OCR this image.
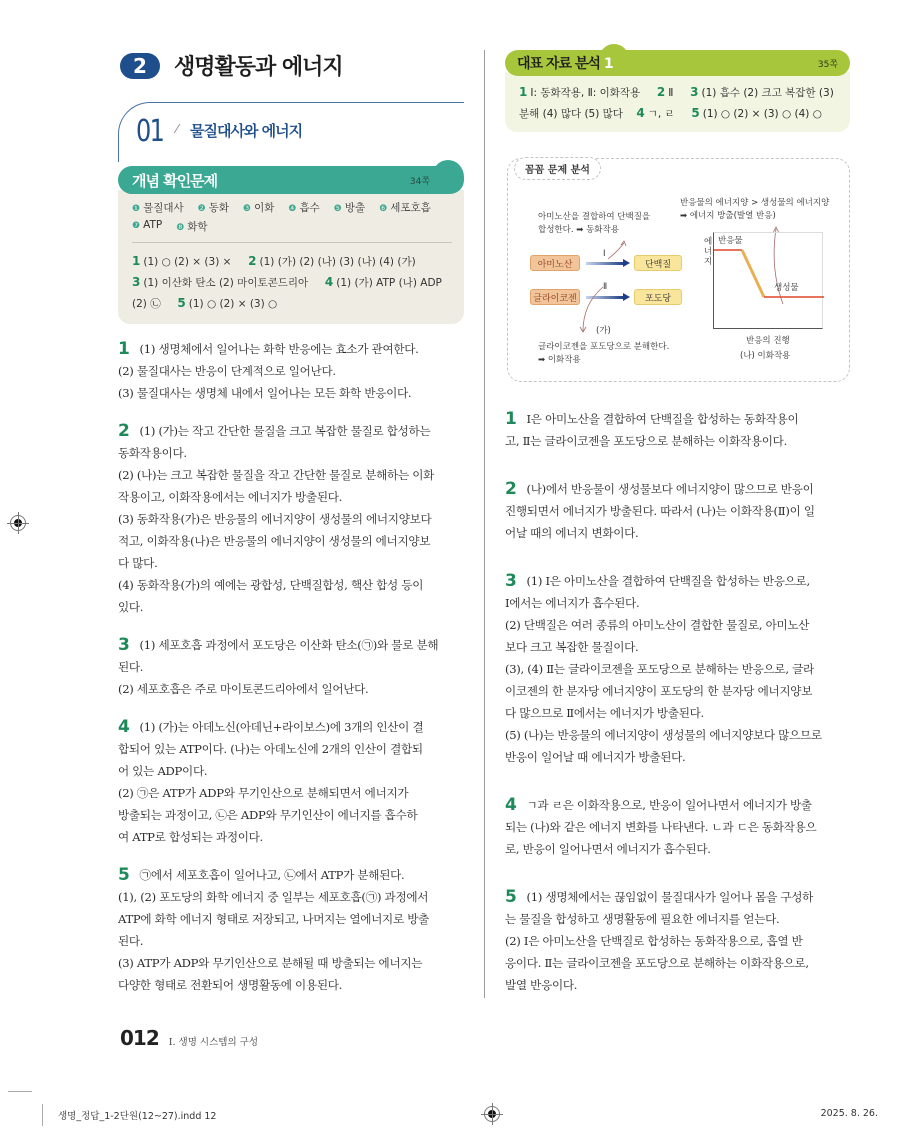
2	생명활동과 에너지
01 ⁄ 물질대사와 에너지
개념 확인문제	34쪽
❶ 물질대사 ❷ 동화 ❸ 이화 ❹ 흡수 ❺ 방출 ❻ 세포호흡
❼ ATP ❽ 화학
1 (1) ○ (2) × (3) × 2 (1) (가) (2) (나) (3) (나) (4) (가)     3 (1) 이산화 탄소 (2) 마이토콘드리아 4 (1) (가) ATP (나) ADP (2) ㉡ 5 (1) ○ (2) × (3) ○
1 (1) 생명체에서 일어나는 화학 반응에는 효소가 관여한다.
(2) 물질대사는 반응이 단계적으로 일어난다.
(3) 물질대사는 생명체 내에서 일어나는 모든 화학 반응이다.
2 (1) (가)는 작고 간단한 물질을 크고 복잡한 물질로 합성하는
동화작용이다.
(2) (나)는 크고 복잡한 물질을 작고 간단한 물질로 분해하는 이화
작용이고, 이화작용에서는 에너지가 방출된다.
(3) 동화작용(가)은 반응물의 에너지양이 생성물의 에너지양보다
적고, 이화작용(나)은 반응물의 에너지양이 생성물의 에너지양보
다 많다.
(4) 동화작용(가)의 예에는 광합성, 단백질합성, 핵산 합성 등이
있다.
3 (1) 세포호흡 과정에서 포도당은 이산화 탄소(㉠)와 물로 분해
된다.
(2) 세포호흡은 주로 마이토콘드리아에서 일어난다.
4 (1) (가)는 아데노신(아데닌+라이보스)에 3개의 인산이 결
합되어 있는 ATP이다. (나)는 아데노신에 2개의 인산이 결합되
어 있는 ADP이다.
(2) ㉠은 ATP가 ADP와 무기인산으로 분해되면서 에너지가
방출되는 과정이고, ㉡은 ADP와 무기인산이 에너지를 흡수하
여 ATP로 합성되는 과정이다.
5 ㉠에서 세포호흡이 일어나고, ㉡에서 ATP가 분해된다.
(1), (2) 포도당의 화학 에너지 중 일부는 세포호흡(㉠) 과정에서
ATP에 화학 에너지 형태로 저장되고, 나머지는 열에너지로 방출
된다.
(3) ATP가 ADP와 무기인산으로 분해될 때 방출되는 에너지는
다양한 형태로 전환되어 생명활동에 이용된다.
대표 자료 분석 1	35쪽
1 Ⅰ: 동화작용, Ⅱ: 이화작용 2 Ⅱ 3 (1) 흡수 (2) 크고 복잡한 (3) 분해 (4) 많다 (5) 많다 4 ㄱ, ㄹ 5 (1) ○ (2) × (3) ○ (4) ○
꼼꼼 문제 분석
아미노산을 결합하여 단백질을
합성한다. ➡ 동화작용
반응물의 에너지양 > 생성물의 에너지양
➡ 에너지 방출(발열 반응)
아미노산
Ⅰ
단백질
글라이코젠
Ⅱ
포도당
(가)
글라이코젠을 포도당으로 분해한다.
➡ 이화작용
에너지
반응물
생성물
반응의 진행
(나) 이화작용
1 Ⅰ은 아미노산을 결합하여 단백질을 합성하는 동화작용이
고, Ⅱ는 글라이코젠을 포도당으로 분해하는 이화작용이다.
2 (나)에서 반응물이 생성물보다 에너지양이 많으므로 반응이
진행되면서 에너지가 방출된다. 따라서 (나)는 이화작용(Ⅱ)이 일
어날 때의 에너지 변화이다.
3 (1) Ⅰ은 아미노산을 결합하여 단백질을 합성하는 반응으로,
Ⅰ에서는 에너지가 흡수된다.
(2) 단백질은 여러 종류의 아미노산이 결합한 물질로, 아미노산
보다 크고 복잡한 물질이다.
(3), (4) Ⅱ는 글라이코젠을 포도당으로 분해하는 반응으로, 글라
이코젠의 한 분자당 에너지양이 포도당의 한 분자당 에너지양보
다 많으므로 Ⅱ에서는 에너지가 방출된다.
(5) (나)는 반응물의 에너지양이 생성물의 에너지양보다 많으므로
반응이 일어날 때 에너지가 방출된다.
4 ㄱ과 ㄹ은 이화작용으로, 반응이 일어나면서 에너지가 방출
되는 (나)와 같은 에너지 변화를 나타낸다. ㄴ과 ㄷ은 동화작용으
로, 반응이 일어나면서 에너지가 흡수된다.
5 (1) 생명체에서는 끊임없이 물질대사가 일어나 몸을 구성하
는 물질을 합성하고 생명활동에 필요한 에너지를 얻는다.
(2) Ⅰ은 아미노산을 단백질로 합성하는 동화작용으로, 흡열 반
응이다. Ⅱ는 글라이코젠을 포도당으로 분해하는 이화작용으로,
발열 반응이다.
012 Ⅰ. 생명 시스템의 구성
생명_정답_1-2단원(12~27).indd 12	2025. 8. 26.
